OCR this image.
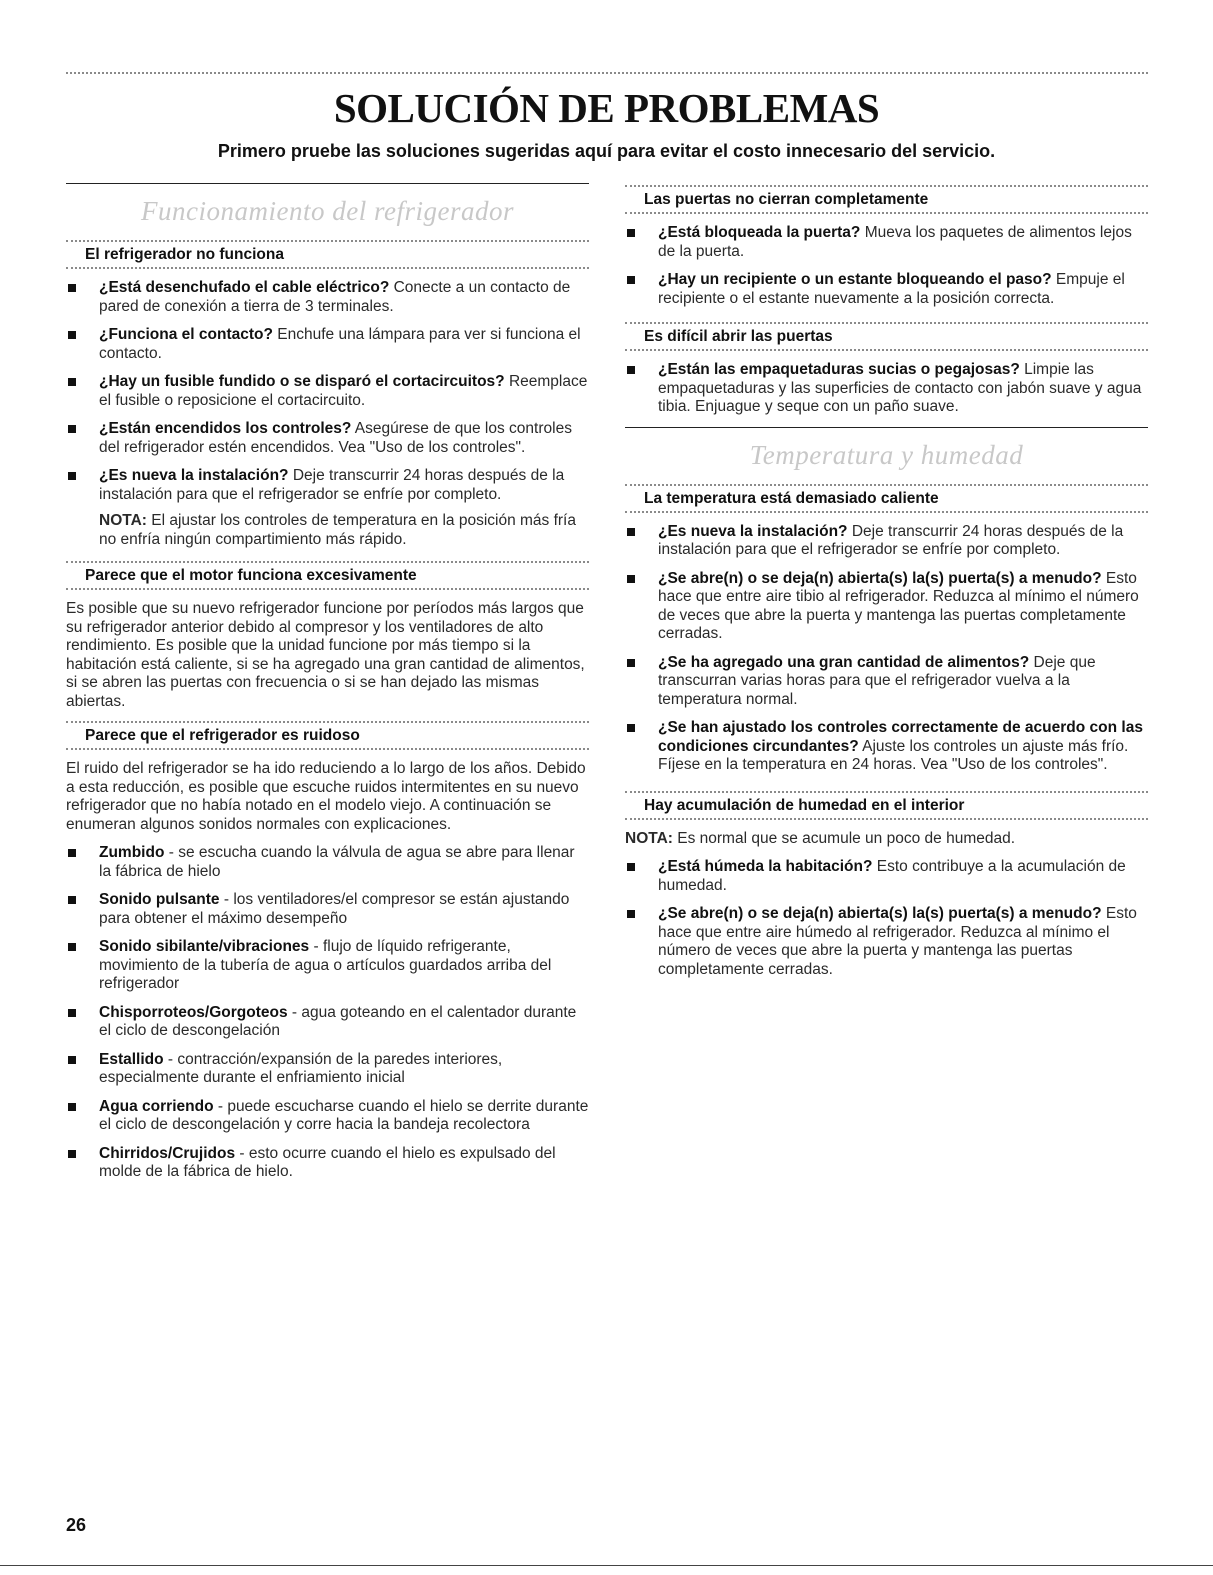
SOLUCIÓN DE PROBLEMAS
Primero pruebe las soluciones sugeridas aquí para evitar el costo innecesario del servicio.
Funcionamiento del refrigerador
El refrigerador no funciona
¿Está desenchufado el cable eléctrico? Conecte a un contacto de pared de conexión a tierra de 3 terminales.
¿Funciona el contacto? Enchufe una lámpara para ver si funciona el contacto.
¿Hay un fusible fundido o se disparó el cortacircuitos? Reemplace el fusible o reposicione el cortacircuito.
¿Están encendidos los controles? Asegúrese de que los controles del refrigerador estén encendidos. Vea "Uso de los controles".
¿Es nueva la instalación? Deje transcurrir 24 horas después de la instalación para que el refrigerador se enfríe por completo.
NOTA: El ajustar los controles de temperatura en la posición más fría no enfría ningún compartimiento más rápido.
Parece que el motor funciona excesivamente
Es posible que su nuevo refrigerador funcione por períodos más largos que su refrigerador anterior debido al compresor y los ventiladores de alto rendimiento. Es posible que la unidad funcione por más tiempo si la habitación está caliente, si se ha agregado una gran cantidad de alimentos, si se abren las puertas con frecuencia o si se han dejado las mismas abiertas.
Parece que el refrigerador es ruidoso
El ruido del refrigerador se ha ido reduciendo a lo largo de los años. Debido a esta reducción, es posible que escuche ruidos intermitentes en su nuevo refrigerador que no había notado en el modelo viejo. A continuación se enumeran algunos sonidos normales con explicaciones.
Zumbido - se escucha cuando la válvula de agua se abre para llenar la fábrica de hielo
Sonido pulsante - los ventiladores/el compresor se están ajustando para obtener el máximo desempeño
Sonido sibilante/vibraciones - flujo de líquido refrigerante, movimiento de la tubería de agua o artículos guardados arriba del refrigerador
Chisporroteos/Gorgoteos - agua goteando en el calentador durante el ciclo de descongelación
Estallido - contracción/expansión de la paredes interiores, especialmente durante el enfriamiento inicial
Agua corriendo - puede escucharse cuando el hielo se derrite durante el ciclo de descongelación y corre hacia la bandeja recolectora
Chirridos/Crujidos - esto ocurre cuando el hielo es expulsado del molde de la fábrica de hielo.
Las puertas no cierran completamente
¿Está bloqueada la puerta? Mueva los paquetes de alimentos lejos de la puerta.
¿Hay un recipiente o un estante bloqueando el paso? Empuje el recipiente o el estante nuevamente a la posición correcta.
Es difícil abrir las puertas
¿Están las empaquetaduras sucias o pegajosas? Limpie las empaquetaduras y las superficies de contacto con jabón suave y agua tibia. Enjuague y seque con un paño suave.
Temperatura y humedad
La temperatura está demasiado caliente
¿Es nueva la instalación? Deje transcurrir 24 horas después de la instalación para que el refrigerador se enfríe por completo.
¿Se abre(n) o se deja(n) abierta(s) la(s) puerta(s) a menudo? Esto hace que entre aire tibio al refrigerador. Reduzca al mínimo el número de veces que abre la puerta y mantenga las puertas completamente cerradas.
¿Se ha agregado una gran cantidad de alimentos? Deje que transcurran varias horas para que el refrigerador vuelva a la temperatura normal.
¿Se han ajustado los controles correctamente de acuerdo con las condiciones circundantes? Ajuste los controles un ajuste más frío. Fíjese en la temperatura en 24 horas. Vea "Uso de los controles".
Hay acumulación de humedad en el interior
NOTA: Es normal que se acumule un poco de humedad.
¿Está húmeda la habitación? Esto contribuye a la acumulación de humedad.
¿Se abre(n) o se deja(n) abierta(s) la(s) puerta(s) a menudo? Esto hace que entre aire húmedo al refrigerador. Reduzca al mínimo el número de veces que abre la puerta y mantenga las puertas completamente cerradas.
26
